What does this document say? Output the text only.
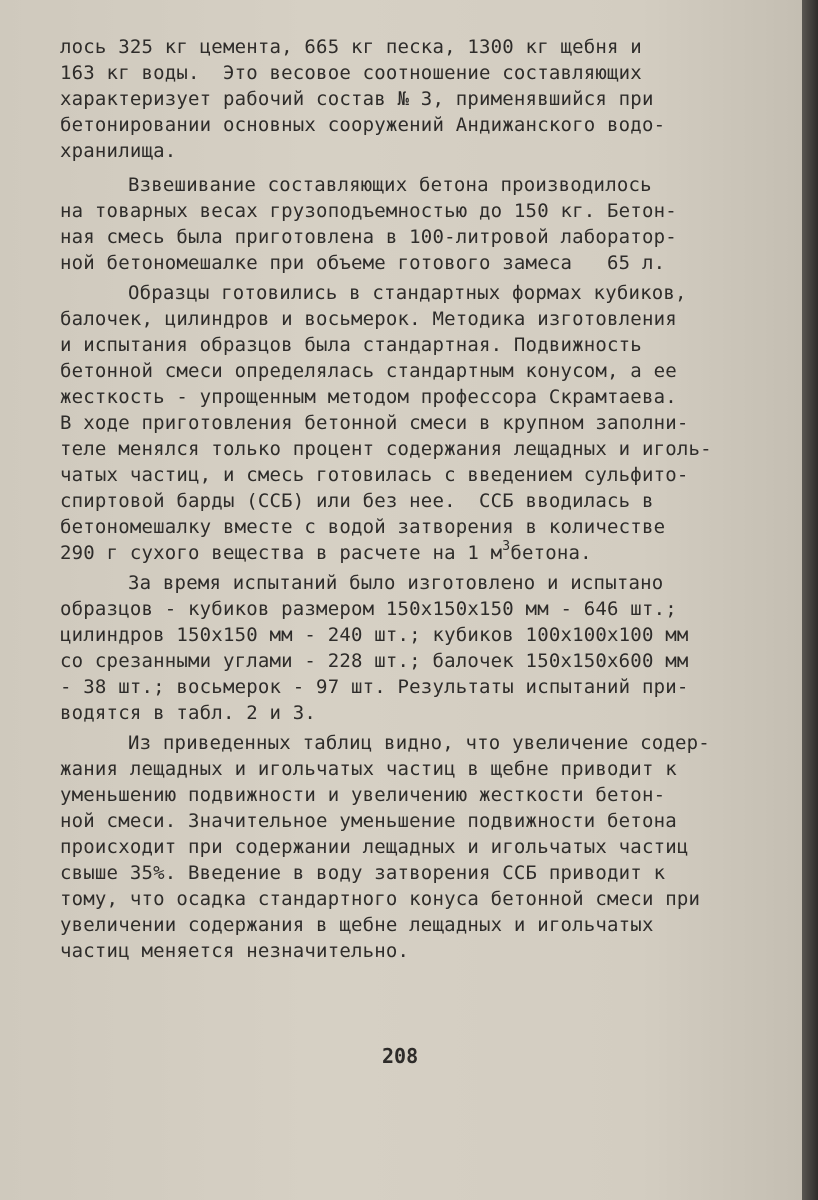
лось 325 кг цемента, 665 кг песка, 1300 кг щебня и
163 кг воды.  Это весовое соотношение составляющих
характеризует рабочий состав № 3, применявшийся при
бетонировании основных сооружений Андижанского водо-
хранилища.
Взвешивание составляющих бетона производилось
на товарных весах грузоподъемностью до 150 кг. Бетон-
ная смесь была приготовлена в 100-литровой лаборатор-
ной бетономешалке при объеме готового замеса   65 л.
Образцы готовились в стандартных формах кубиков,
балочек, цилиндров и восьмерок. Методика изготовления
и испытания образцов была стандартная. Подвижность
бетонной смеси определялась стандартным конусом, а ее
жесткость - упрощенным методом профессора Скрамтаева.
В ходе приготовления бетонной смеси в крупном заполни-
теле менялся только процент содержания лещадных и иголь-
чатых частиц, и смесь готовилась с введением сульфито-
спиртовой барды (ССБ) или без нее.  ССБ вводилась в
бетономешалку вместе с водой затворения в количестве
290 г сухого вещества в расчете на 1 $м^3бетона$.
За время испытаний было изготовлено и испытано
образцов - кубиков размером 150x150x150 мм - 646 шт.;
цилиндров 150x150 мм - 240 шт.; кубиков 100x100x100 мм
со срезанными углами - 228 шт.; балочек 150x150x600 мм
- 38 шт.; восьмерок - 97 шт. Результаты испытаний при-
водятся в табл. 2 и 3.
Из приведенных таблиц видно, что увеличение содер-
жания лещадных и игольчатых частиц в щебне приводит к
уменьшению подвижности и увеличению жесткости бетон-
ной смеси. Значительное уменьшение подвижности бетона
происходит при содержании лещадных и игольчатых частиц
свыше 35%. Введение в воду затворения ССБ приводит к
тому, что осадка стандартного конуса бетонной смеси при
увеличении содержания в щебне лещадных и игольчатых
частиц меняется незначительно.
208
